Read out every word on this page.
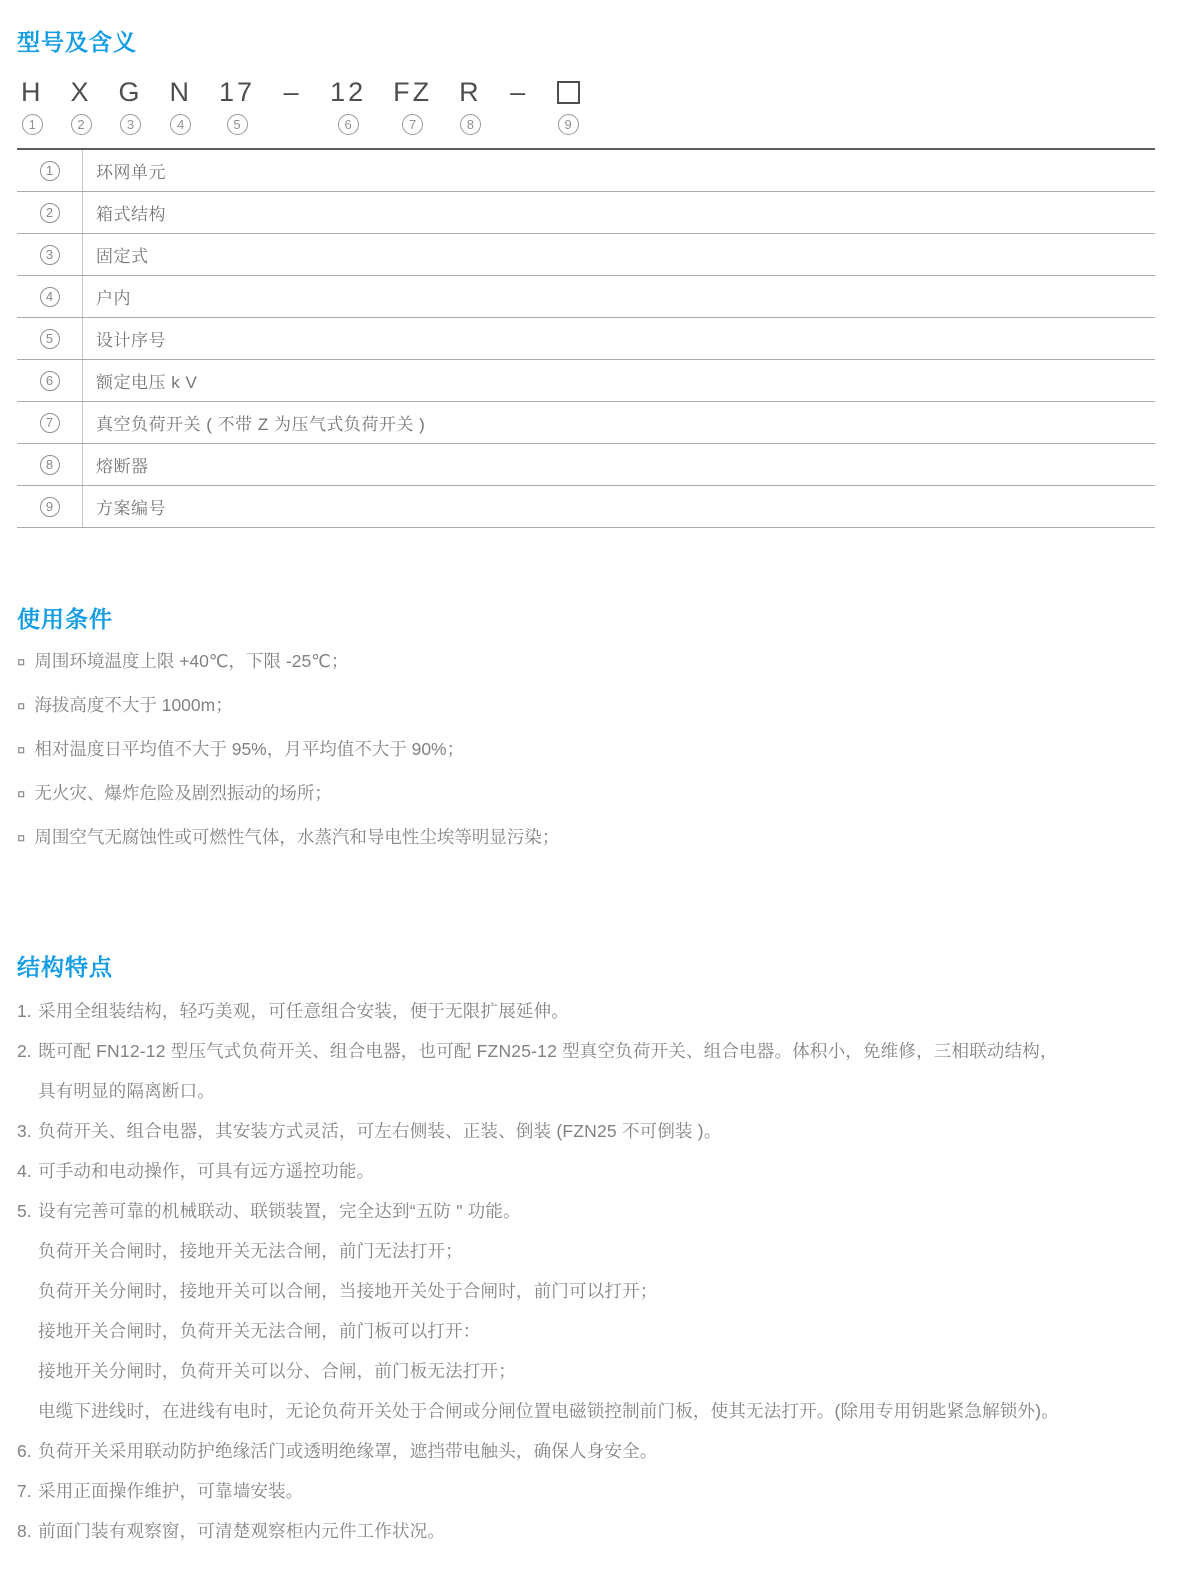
型号及含义
H
1
X
2
G
3
N
4
17
5
– 12
6
FZ
7
R
8
–
9
1	环网单元
2	箱式结构
3	固定式
4	户内
5	设计序号
6	额定电压 k V
7	真空负荷开关 ( 不带 Z 为压气式负荷开关 )
8	熔断器
9	方案编号
使用条件
¤ 周围环境温度上限 +40℃，下限 -25℃；
¤ 海拔高度不大于 1000m；
¤ 相对温度日平均值不大于 95%，月平均值不大于 90%；
¤ 无火灾、爆炸危险及剧烈振动的场所；
¤ 周围空气无腐蚀性或可燃性气体，水蒸汽和导电性尘埃等明显污染；
结构特点
1. 采用全组装结构，轻巧美观，可任意组合安装，便于无限扩展延伸。
2. 既可配 FN12-12 型压气式负荷开关、组合电器，也可配 FZN25-12 型真空负荷开关、组合电器。体积小，免维修，三相联动结构，
具有明显的隔离断口。
3. 负荷开关、组合电器，其安装方式灵活，可左右侧装、正装、倒装 (FZN25 不可倒装 )。
4. 可手动和电动操作，可具有远方遥控功能。
5. 设有完善可靠的机械联动、联锁装置，完全达到“五防 " 功能。
负荷开关合闸时，接地开关无法合闸，前门无法打开；
负荷开关分闸时，接地开关可以合闸，当接地开关处于合闸时，前门可以打开；
接地开关合闸时，负荷开关无法合闸，前门板可以打开：
接地开关分闸时，负荷开关可以分、合闸，前门板无法打开；
电缆下进线时，在进线有电时，无论负荷开关处于合闸或分闸位置电磁锁控制前门板，使其无法打开。(除用专用钥匙紧急解锁外)。
6. 负荷开关采用联动防护绝缘活门或透明绝缘罩，遮挡带电触头，确保人身安全。
7. 采用正面操作维护，可靠墙安装。
8. 前面门装有观察窗，可清楚观察柜内元件工作状况。
